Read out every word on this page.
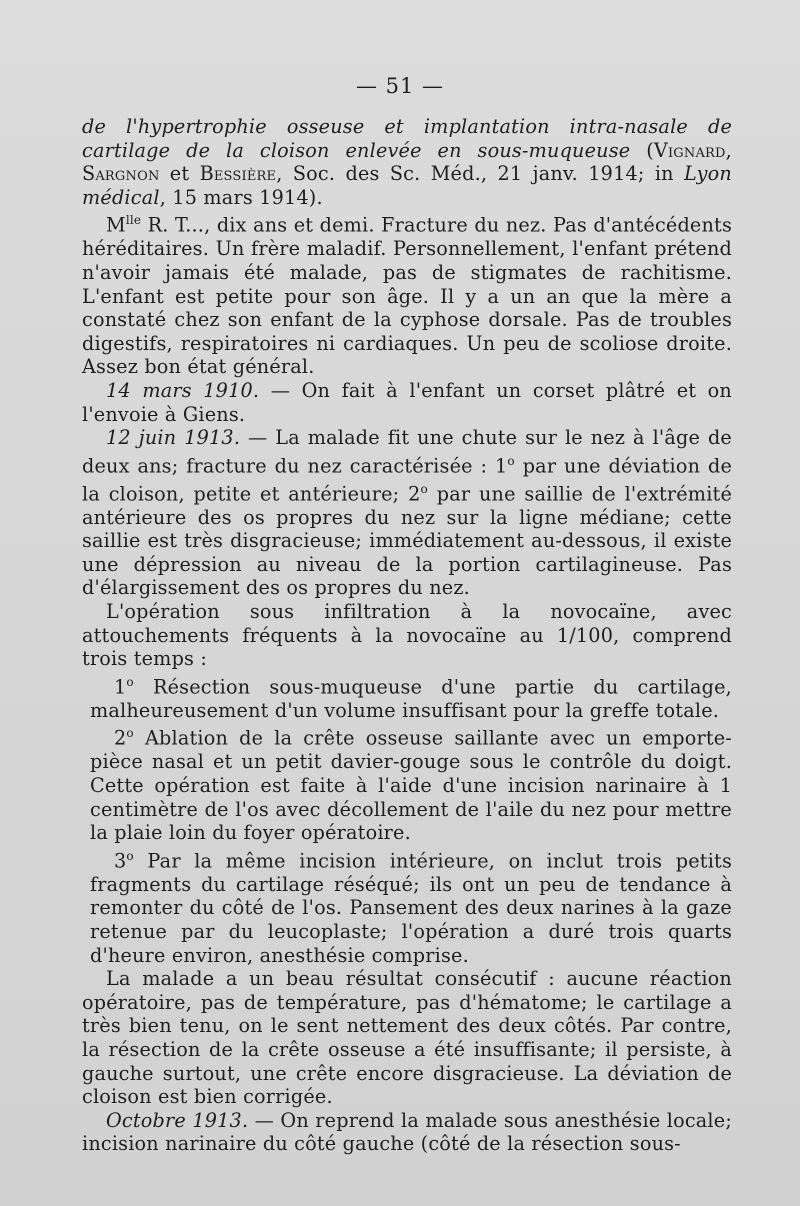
— 51 —

de l'hypertrophie osseuse et implantation intra-nasale de cartilage de la cloison enlevée en sous-muqueuse (Vignard, Sargnon et Bessière, Soc. des Sc. Méd., 21 janv. 1914; in Lyon médical, 15 mars 1914).

$M^{lle}$ R. T..., dix ans et demi. Fracture du nez. Pas d'antécédents héréditaires. Un frère maladif. Personnellement, l'enfant prétend n'avoir jamais été malade, pas de stigmates de rachitisme. L'enfant est petite pour son âge. Il y a un an que la mère a constaté chez son enfant de la cyphose dorsale. Pas de troubles digestifs, respiratoires ni cardiaques. Un peu de scoliose droite. Assez bon état général.

14 mars 1910. — On fait à l'enfant un corset plâtré et on l'envoie à Giens.

12 juin 1913. — La malade fit une chute sur le nez à l'âge de deux ans; fracture du nez caractérisée : 1$^o$ par une déviation de la cloison, petite et antérieure; 2$^o$ par une saillie de l'extrémité antérieure des os propres du nez sur la ligne médiane; cette saillie est très disgracieuse; immédiatement au-dessous, il existe une dépression au niveau de la portion cartilagineuse. Pas d'élargissement des os propres du nez.

L'opération sous infiltration à la novocaïne, avec attouchements fréquents à la novocaïne au 1/100, comprend trois temps :

1$^o$ Résection sous-muqueuse d'une partie du cartilage, malheureusement d'un volume insuffisant pour la greffe totale.

2$^o$ Ablation de la crête osseuse saillante avec un emporte-pièce nasal et un petit davier-gouge sous le contrôle du doigt. Cette opération est faite à l'aide d'une incision narinaire à 1 centimètre de l'os avec décollement de l'aile du nez pour mettre la plaie loin du foyer opératoire.

3$^o$ Par la même incision intérieure, on inclut trois petits fragments du cartilage réséqué; ils ont un peu de tendance à remonter du côté de l'os. Pansement des deux narines à la gaze retenue par du leucoplaste; l'opération a duré trois quarts d'heure environ, anesthésie comprise.

La malade a un beau résultat consécutif : aucune réaction opératoire, pas de température, pas d'hématome; le cartilage a très bien tenu, on le sent nettement des deux côtés. Par contre, la résection de la crête osseuse a été insuffisante; il persiste, à gauche surtout, une crête encore disgracieuse. La déviation de cloison est bien corrigée.

Octobre 1913. — On reprend la malade sous anesthésie locale; incision narinaire du côté gauche (côté de la résection sous-
